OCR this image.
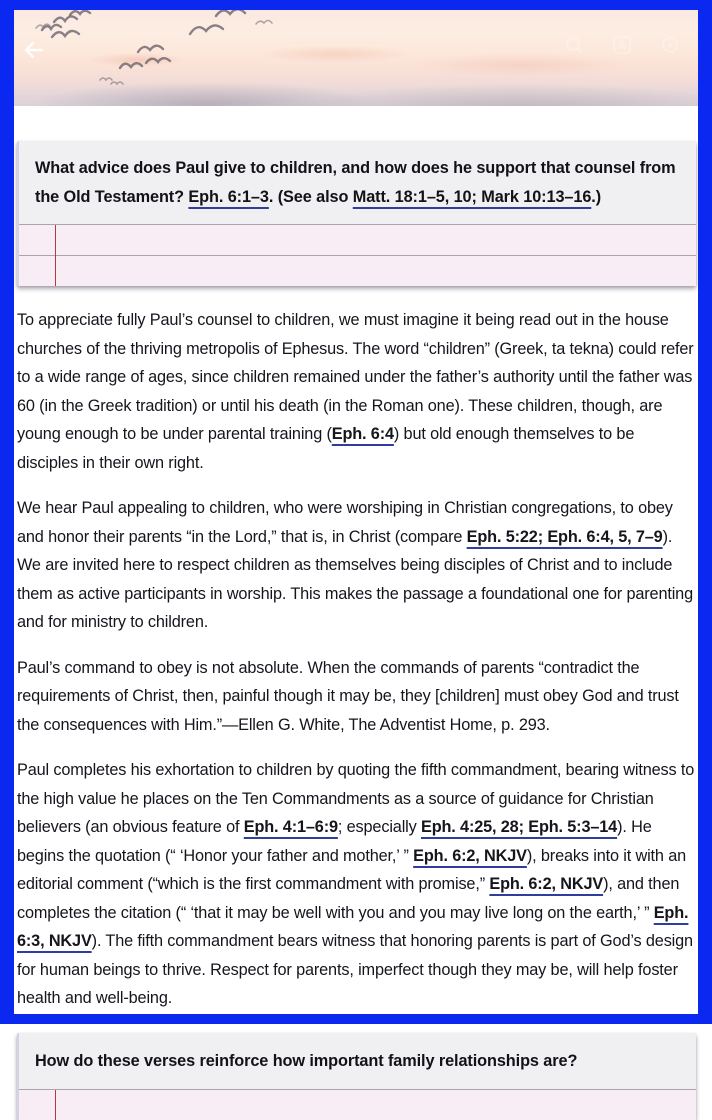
What advice does Paul give to children, and how does he support that counsel from the Old Testament? Eph. 6:1–3. (See also Matt. 18:1–5, 10; Mark 10:13–16.)

To appreciate fully Paul’s counsel to children, we must imagine it being read out in the house churches of the thriving metropolis of Ephesus. The word “children” (Greek, ta tekna) could refer to a wide range of ages, since children remained under the father’s authority until the father was 60 (in the Greek tradition) or until his death (in the Roman one). These children, though, are young enough to be under parental training (Eph. 6:4) but old enough themselves to be disciples in their own right.

We hear Paul appealing to children, who were worshiping in Christian congregations, to obey and honor their parents “in the Lord,” that is, in Christ (compare Eph. 5:22; Eph. 6:4, 5, 7–9). We are invited here to respect children as themselves being disciples of Christ and to include them as active participants in worship. This makes the passage a foundational one for parenting and for ministry to children.

Paul’s command to obey is not absolute. When the commands of parents “contradict the requirements of Christ, then, painful though it may be, they [children] must obey God and trust the consequences with Him.”—Ellen G. White, The Adventist Home, p. 293.

Paul completes his exhortation to children by quoting the fifth commandment, bearing witness to the high value he places on the Ten Commandments as a source of guidance for Christian believers (an obvious feature of Eph. 4:1–6:9; especially Eph. 4:25, 28; Eph. 5:3–14). He begins the quotation (“ ‘Honor your father and mother,’ ” Eph. 6:2, NKJV), breaks into it with an editorial comment (“which is the first commandment with promise,” Eph. 6:2, NKJV), and then completes the citation (“ ‘that it may be well with you and you may live long on the earth,’ ” Eph. 6:3, NKJV). The fifth commandment bears witness that honoring parents is part of God’s design for human beings to thrive. Respect for parents, imperfect though they may be, will help foster health and well-being.

How do these verses reinforce how important family relationships are?
